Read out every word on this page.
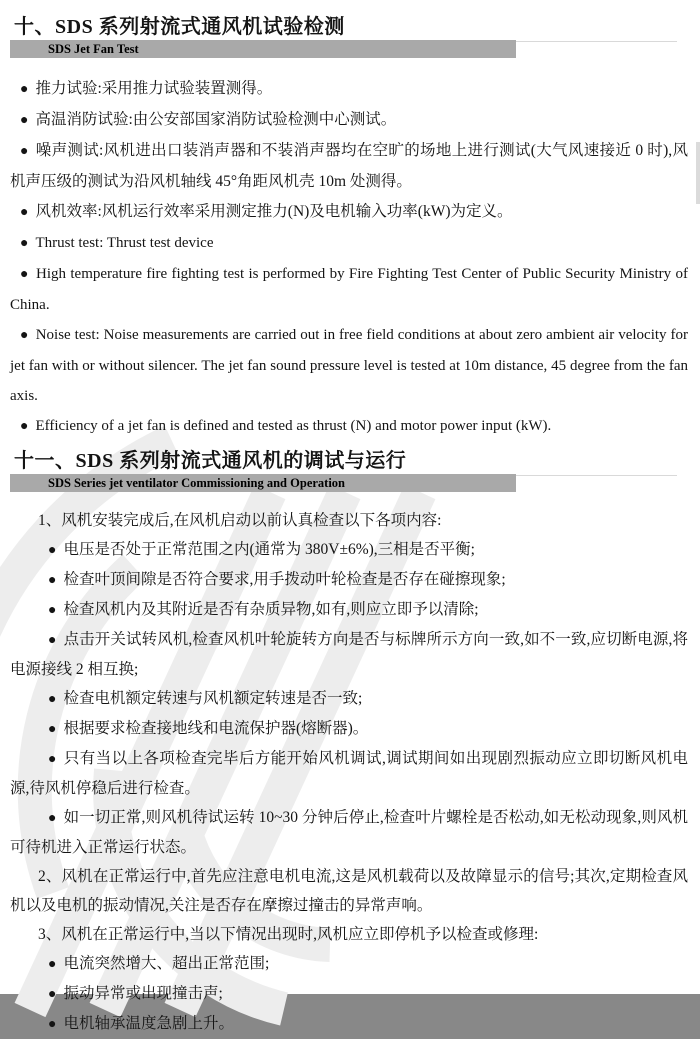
十、SDS 系列射流式通风机试验检测
SDS Jet Fan Test

● 推力试验:采用推力试验装置测得。

● 高温消防试验:由公安部国家消防试验检测中心测试。

● 噪声测试:风机进出口装消声器和不装消声器均在空旷的场地上进行测试(大气风速接近 0 时),风机声压级的测试为沿风机轴线 45°角距风机壳 10m 处测得。

● 风机效率:风机运行效率采用测定推力(N)及电机输入功率(kW)为定义。

● Thrust test: Thrust test device

● High temperature fire fighting test is performed by Fire Fighting Test Center of Public Security Ministry of China.

● Noise test: Noise measurements are carried out in free field conditions at about zero ambient air velocity for jet fan with or without silencer. The jet fan sound pressure level is tested at 10m distance, 45 degree from the fan axis.

● Efficiency of a jet fan is defined and tested as thrust (N) and motor power input (kW).

十一、SDS 系列射流式通风机的调试与运行
SDS Series jet ventilator Commissioning and Operation

1、风机安装完成后,在风机启动以前认真检查以下各项内容:

● 电压是否处于正常范围之内(通常为 380V±6%),三相是否平衡;

● 检查叶顶间隙是否符合要求,用手拨动叶轮检查是否存在碰擦现象;

● 检查风机内及其附近是否有杂质异物,如有,则应立即予以清除;

● 点击开关试转风机,检查风机叶轮旋转方向是否与标牌所示方向一致,如不一致,应切断电源,将电源接线 2 相互换;

● 检查电机额定转速与风机额定转速是否一致;

● 根据要求检查接地线和电流保护器(熔断器)。

● 只有当以上各项检查完毕后方能开始风机调试,调试期间如出现剧烈振动应立即切断风机电源,待风机停稳后进行检查。

● 如一切正常,则风机待试运转 10~30 分钟后停止,检查叶片螺栓是否松动,如无松动现象,则风机可待机进入正常运行状态。

2、风机在正常运行中,首先应注意电机电流,这是风机载荷以及故障显示的信号;其次,定期检查风机以及电机的振动情况,关注是否存在摩擦过撞击的异常声响。

3、风机在正常运行中,当以下情况出现时,风机应立即停机予以检查或修理:

● 电流突然增大、超出正常范围;

● 振动异常或出现撞击声;

● 电机轴承温度急剧上升。
